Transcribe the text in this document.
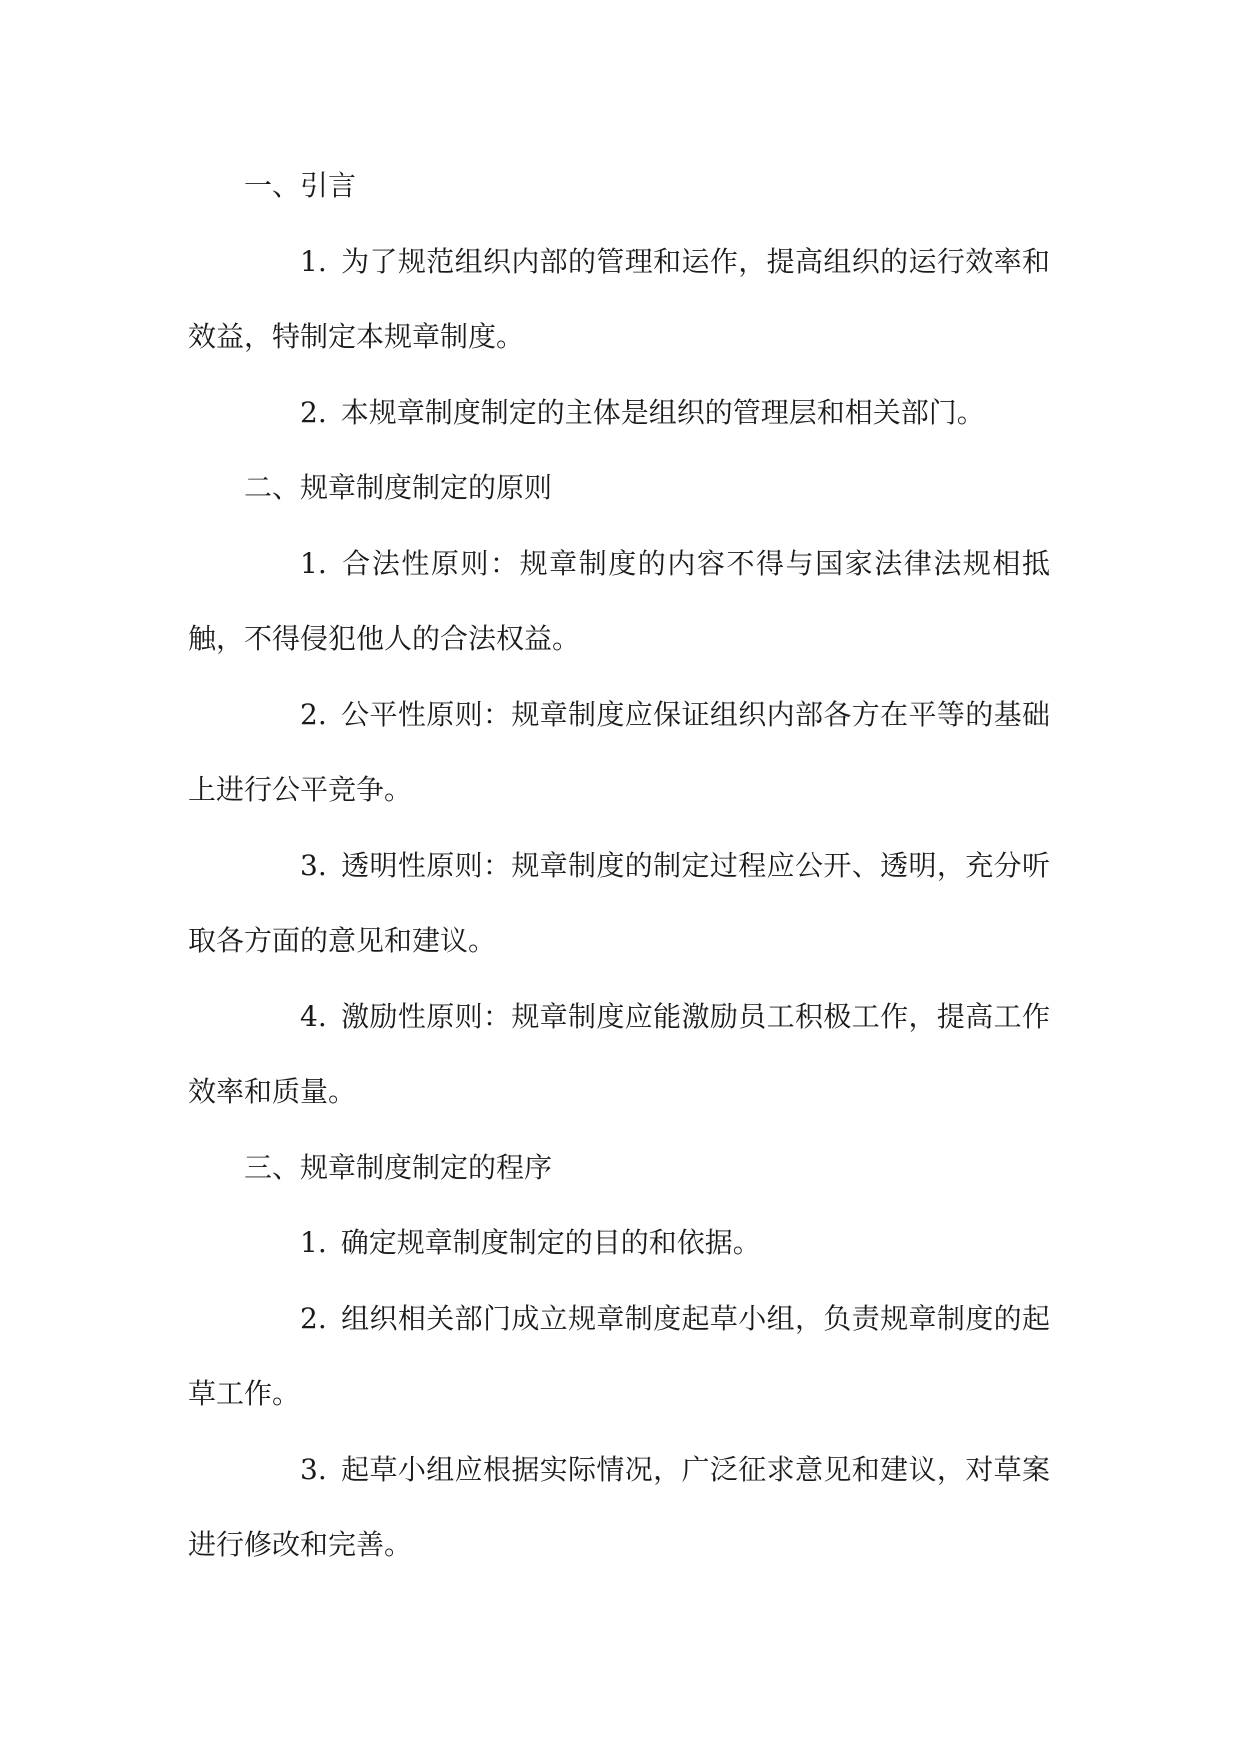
一、引言

1. 为了规范组织内部的管理和运作，提高组织的运行效率和效益，特制定本规章制度。

2. 本规章制度制定的主体是组织的管理层和相关部门。

二、规章制度制定的原则

1. 合法性原则：规章制度的内容不得与国家法律法规相抵触，不得侵犯他人的合法权益。

2. 公平性原则：规章制度应保证组织内部各方在平等的基础上进行公平竞争。

3. 透明性原则：规章制度的制定过程应公开、透明，充分听取各方面的意见和建议。

4. 激励性原则：规章制度应能激励员工积极工作，提高工作效率和质量。

三、规章制度制定的程序

1. 确定规章制度制定的目的和依据。

2. 组织相关部门成立规章制度起草小组，负责规章制度的起草工作。

3. 起草小组应根据实际情况，广泛征求意见和建议，对草案进行修改和完善。
